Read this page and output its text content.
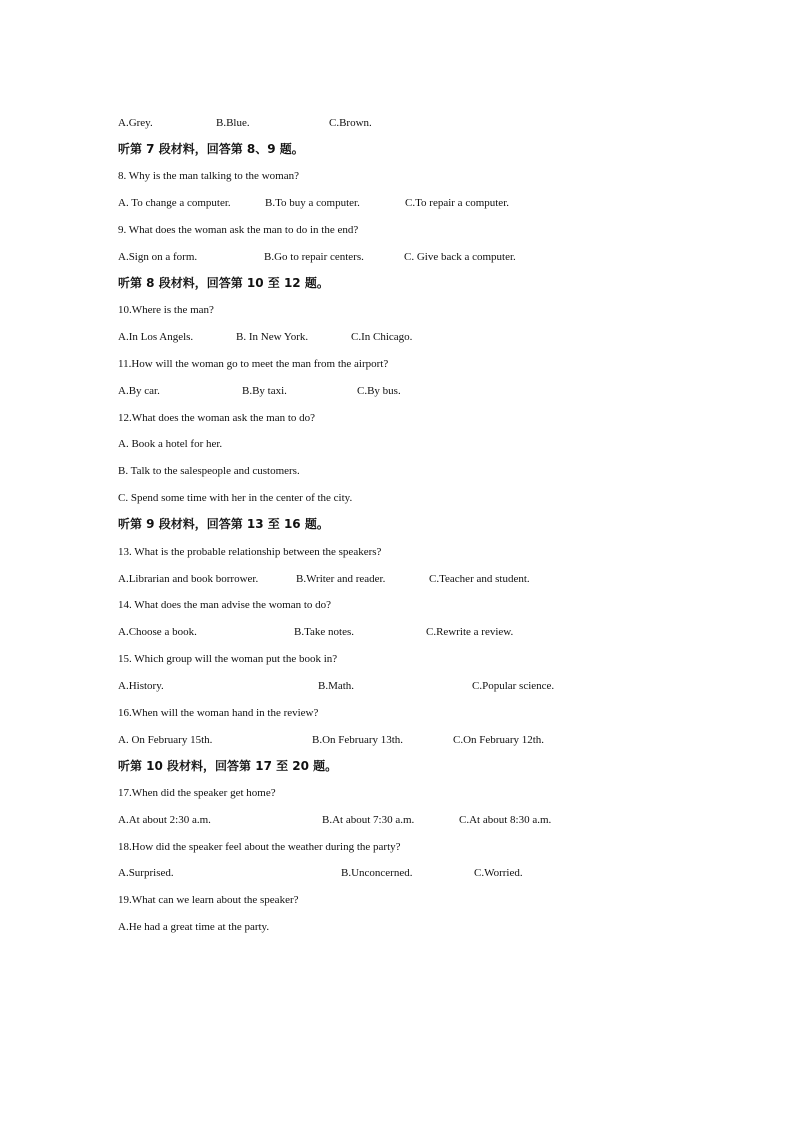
A.Grey.	B.Blue.	C.Brown.
听第 7 段材料，回答第 8、9 题。
8. Why is the man talking to the woman?
A. To change a computer.	B.To buy a computer.	C.To repair a computer.
9. What does the woman ask the man to do in the end?
A.Sign on a form.	B.Go to repair centers.	C. Give back a computer.
听第 8 段材料，回答第 10 至 12 题。
10.Where is the man?
A.In Los Angels.	B. In New York.	C.In Chicago.
11.How will the woman go to meet the man from the airport?
A.By car.	B.By taxi.	C.By bus.
12.What does the woman ask the man to do?
A. Book a hotel for her.
B. Talk to the salespeople and customers.
C. Spend some time with her in the center of the city.
听第 9 段材料，回答第 13 至 16 题。
13. What is the probable relationship between the speakers?
A.Librarian and book borrower.	B.Writer and reader.	C.Teacher and student.
14. What does the man advise the woman to do?
A.Choose a book.	B.Take notes.	C.Rewrite a review.
15. Which group will the woman put the book in?
A.History.	B.Math.	C.Popular science.
16.When will the woman hand in the review?
A. On February 15th.	B.On February 13th.	C.On February 12th.
听第 10 段材料，回答第 17 至 20 题。
17.When did the speaker get home?
A.At about 2:30 a.m.	B.At about 7:30 a.m.	C.At about 8:30 a.m.
18.How did the speaker feel about the weather during the party?
A.Surprised.	B.Unconcerned.	C.Worried.
19.What can we learn about the speaker?
A.He had a great time at the party.
